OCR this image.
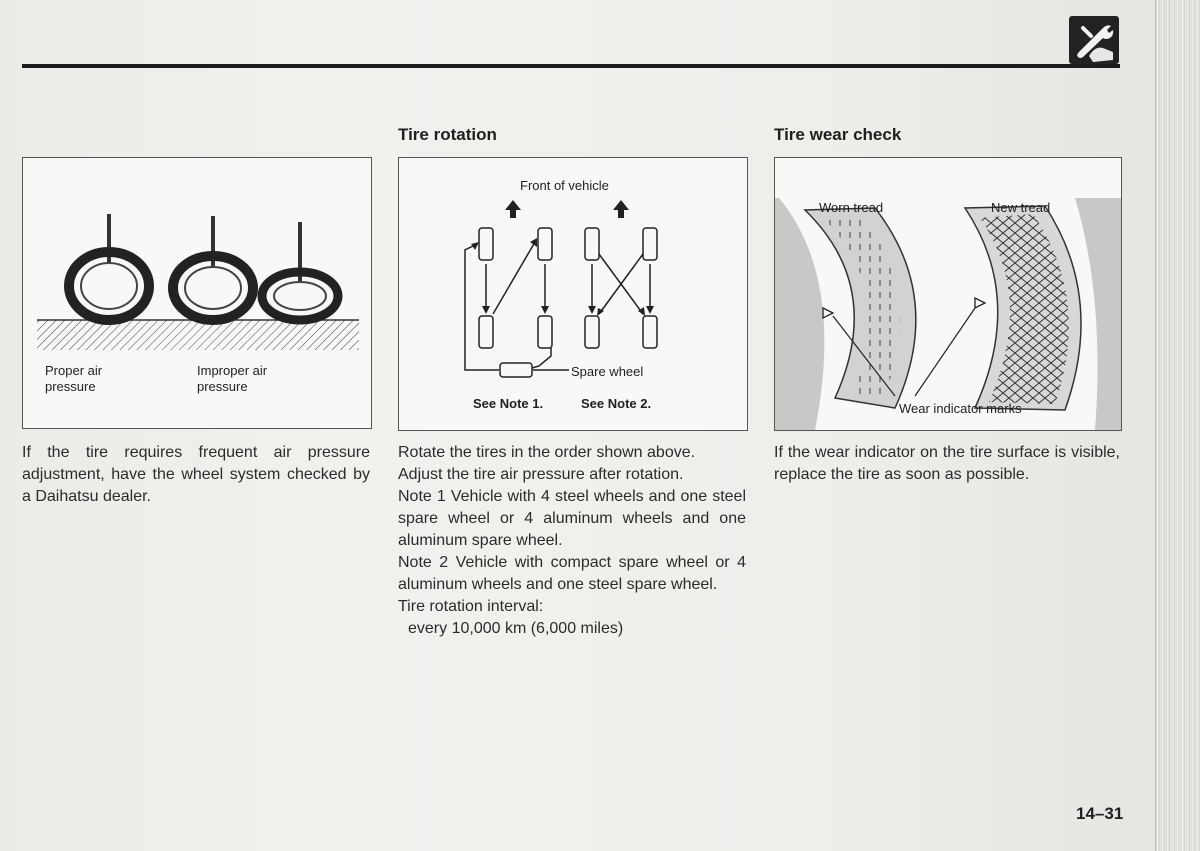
Proper air
pressure
Improper air
pressure

If the tire requires frequent air pressure adjustment, have the wheel system checked by a Daihatsu dealer.

Tire rotation
Front of vehicle
Spare wheel
See Note 1.	See Note 2.

Rotate the tires in the order shown above.

Adjust the tire air pressure after rotation.

Note 1 Vehicle with 4 steel wheels and one steel spare wheel or 4 aluminum wheels and one aluminum spare wheel.

Note 2 Vehicle with compact spare wheel or 4 aluminum wheels and one steel spare wheel.

Tire rotation interval:

every 10,000 km (6,000 miles)

Tire wear check
Worn tread	New tread
Wear indicator marks

If the wear indicator on the tire surface is visible, replace the tire as soon as possible.

14–31
